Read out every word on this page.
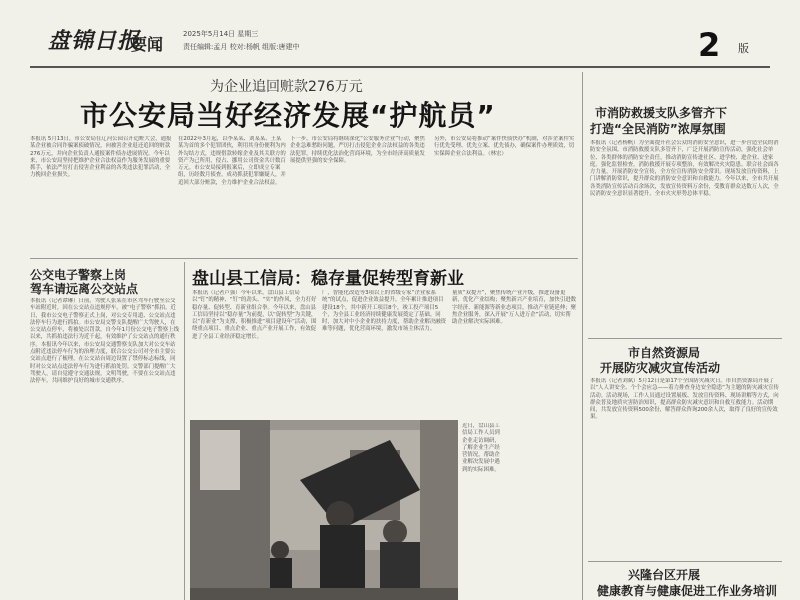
盘锦日报
要闻
2025年5月14日 星期三
责任编辑:孟月 校对:杨帆 组版:唐建中	2 版
为企业追回赃款276万元
市公安局当好经济发展“护航员”
本报讯 5月13日，市公安局在辽河公园召开追赃大会，通报某企业被合同诈骗案侦破情况，向被害企业退还追回的赃款276万元，并向企业负责人通报案件侦办进展情况。今年以来，市公安局坚持把维护企业合法权益作为服务发展的重要抓手，依法严厉打击侵害企业利益的各类违法犯罪活动，全力挽回企业损失。
在2022年3月起，以李某某、刘某某、王某某为首的多个犯罪团伙，利用其身份便利为内外勾结方式，违规借款转嫁企业及其关联方的资产为己所用，侵占、挪用公司资金共计数百万元。市公安局接到报案后，立即成立专案组，历经数月侦查，成功抓获犯罪嫌疑人，并追回大部分赃款，全力维护企业合法权益。
下一步，市公安局将继续深化“公安服务企业”行动，聚焦企业急难愁盼问题，严厉打击侵犯企业合法权益的各类违法犯罪，持续优化法治化营商环境，为全市经济高质量发展提供坚强的安全保障。
另外，市公安局将推动“案件快侦快办”机制，对涉企案件实行优先受理、优先立案、优先侦办，确保案件办理质效，切实保障企业合法利益。（林宏）
公交电子警察上岗
驾车请远离公交站点
本报讯（记者谭琳）日前，驾驶人张某在市区驾车行驶至公交车站附近时，因在公交站点违规停车，被“电子警察”抓拍。近日，我市公交电子警察正式上岗，对公交专用道、公交站点违法停车行为进行抓拍。市公安局交警支队提醒广大驾驶人，在公交站点停车，将被处以罚款。自今年1月份公交电子警察上线以来，共抓拍违法行为近千起，有效维护了公交站点的通行秩序。本报讯今年以来，市公安局交通警察支队加大对公交车站点附近违法停车行为的治理力度，联合公交公司对全市主要公交站点进行了梳理，在公交站台周边设置了禁停标志标线，同时对公交站点违法停车行为进行抓拍处罚。交警部门提醒广大驾驶人，请自觉遵守交通法规，文明驾驶，不要在公交站点违法停车，共同维护良好的城市交通秩序。
盘山县工信局：稳存量促转型育新业
本报讯（记者卢强）今年以来，盘山县工信局以“钉”的精神、“钉”的劲头、“实”的作风，全力打好稳存量、促转型、育新业组合拳。今年以来，盘山县工信局坚持以“稳存量”为前提，以“促转型”为关键，以“育新业”为支撑，积极推进“项目建设年”活动，围绕重点项目、重点企业、重点产业开展工作，有效促进了全县工业经济稳定增长。
厂，智能化改造等3项以上的省级专家“企业家系统”的试点，促进企业效益提升。全年累计推进项目建设18个，其中新开工项目8个，竣工投产项目5个，为全县工业经济持续健康发展奠定了基础。同时，加大对中小企业的扶持力度，帮助企业解决融资难等问题，优化营商环境，激发市场主体活力。
量质“双提升”，聚焦传统产业升级，推进设备更新，优化产业结构；聚焦新兴产业培育，加快引进数字经济、新能源等新业态项目，推动产业链延伸；聚焦企业服务，深入开展“万人进万企”活动，切实帮助企业解决实际困难。
近日，盘山县工信局工作人员到企业走访调研，了解企业生产经营情况，帮助企业解决发展中遇到的实际困难。
市消防救援支队多管齐下
打造“全民消防”浓厚氛围
本报讯（记者杨帆）为全面提升社会公众的消防安全意识，进一步营造全民的消防安全氛围，市消防救援支队多管齐下，广泛开展消防宣传活动，强化社会单位、各类群体的消防安全责任，推动消防宣传进社区、进学校、进企业、进家庭。强化监督检查，消防救援开展专项整治，有效解决火灾隐患。联合社会面各方力量，开展消防安全宣传，全方位宣传消防安全常识。现场发放宣传资料，上门讲解消防常识，提升群众的消防安全意识和自救能力。今年以来，全市共开展各类消防宣传活动百余场次，发放宣传资料万余份，受教育群众达数万人次，全民消防安全意识显著提升，全市火灾形势总体平稳。
市自然资源局
开展防灾减灾宣传活动
本报讯（记者刘斌）5月12日是第17个全国防灾减灾日。市自然资源局开展了以“人人讲安全、个个会应急——着力排查身边安全隐患”为主题的防灾减灾宣传活动。活动现场，工作人员通过设置展板、发放宣传资料、现场讲解等方式，向群众普及地质灾害防治知识，提高群众防灾减灾意识和自救互救能力。活动期间，共发放宣传资料500余份，解答群众咨询200余人次，取得了良好的宣传效果。
兴隆台区开展
健康教育与健康促进工作业务培训
